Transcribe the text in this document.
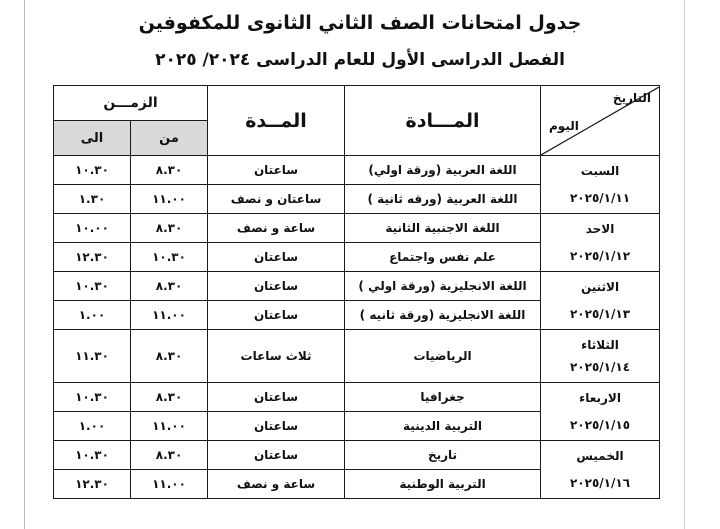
جدول امتحانات الصف الثاني الثانوى للمكفوفين
الفصل الدراسى الأول للعام الدراسى ٢٠٢٤/ ٢٠٢٥
التاريخ
اليوم	المـــادة	المــدة	الزمـــن	
			من	الى

السبت
٢٠٢٥/١/١١	اللغة العربية (ورقة اولي)	ساعتان	٨.٣٠	١٠.٣٠
	اللغة العربية (ورقه ثانية )	ساعتان و نصف	١١.٠٠	١.٣٠

الاحد
٢٠٢٥/١/١٢	اللغة الاجنبية الثانية	ساعة و نصف	٨.٣٠	١٠.٠٠
	علم نفس واجتماع	ساعتان	١٠.٣٠	١٢.٣٠

الاثنين
٢٠٢٥/١/١٣	اللغة الانجليزية (ورقة اولي )	ساعتان	٨.٣٠	١٠.٣٠
	اللغة الانجليزية (ورقة ثانيه )	ساعتان	١١.٠٠	١.٠٠

الثلاثاء
٢٠٢٥/١/١٤	الرياضيات	ثلاث ساعات	٨.٣٠	١١.٣٠

الاربعاء
٢٠٢٥/١/١٥	جغرافيا	ساعتان	٨.٣٠	١٠.٣٠
	التربية الدينية	ساعتان	١١.٠٠	١.٠٠

الخميس
٢٠٢٥/١/١٦	تاريخ	ساعتان	٨.٣٠	١٠.٣٠
	التربية الوطنية	ساعة و نصف	١١.٠٠	١٢.٣٠
